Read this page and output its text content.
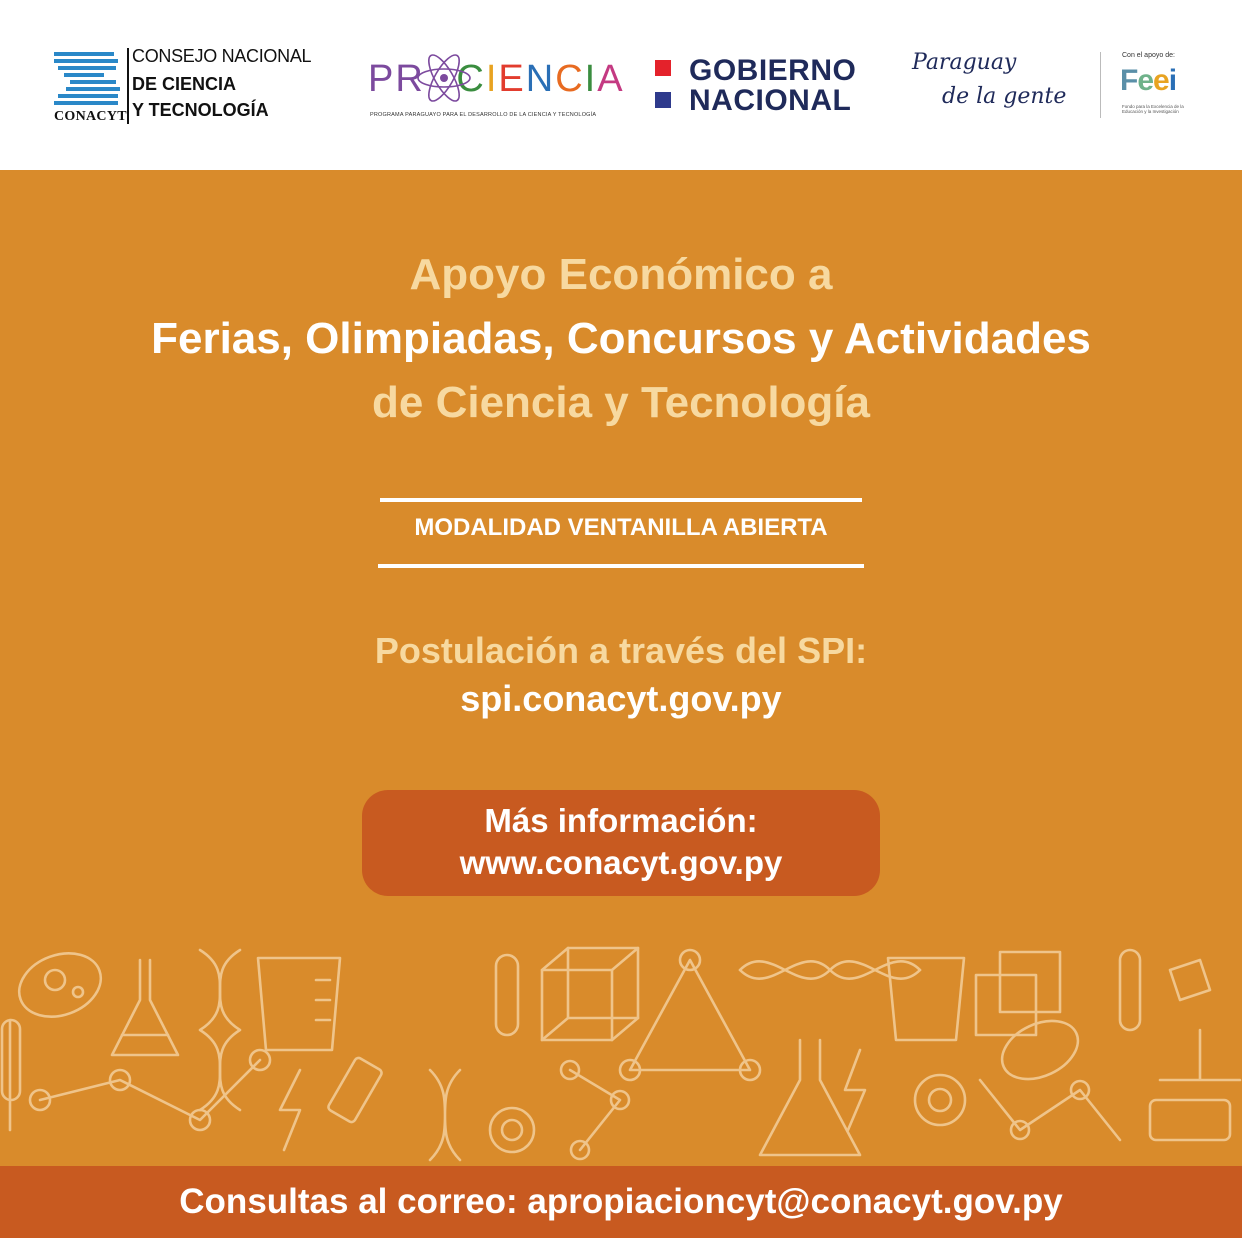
CONACYT
CONSEJO NACIONAL
DE CIENCIA
Y TECNOLOGÍA
PR CIENCIA
PROGRAMA PARAGUAYO PARA EL DESARROLLO DE LA CIENCIA Y TECNOLOGÍA
GOBIERNO
NACIONAL
Paraguay
de la gente
Con el apoyo de:
Feei
Fondo para la Excelencia de la Educación y la Investigación
Apoyo Económico a
Ferias, Olimpiadas, Concursos y Actividades
de Ciencia y Tecnología
MODALIDAD VENTANILLA ABIERTA
Postulación a través del SPI:
spi.conacyt.gov.py
Más información:
www.conacyt.gov.py
Consultas al correo: apropiacioncyt@conacyt.gov.py
